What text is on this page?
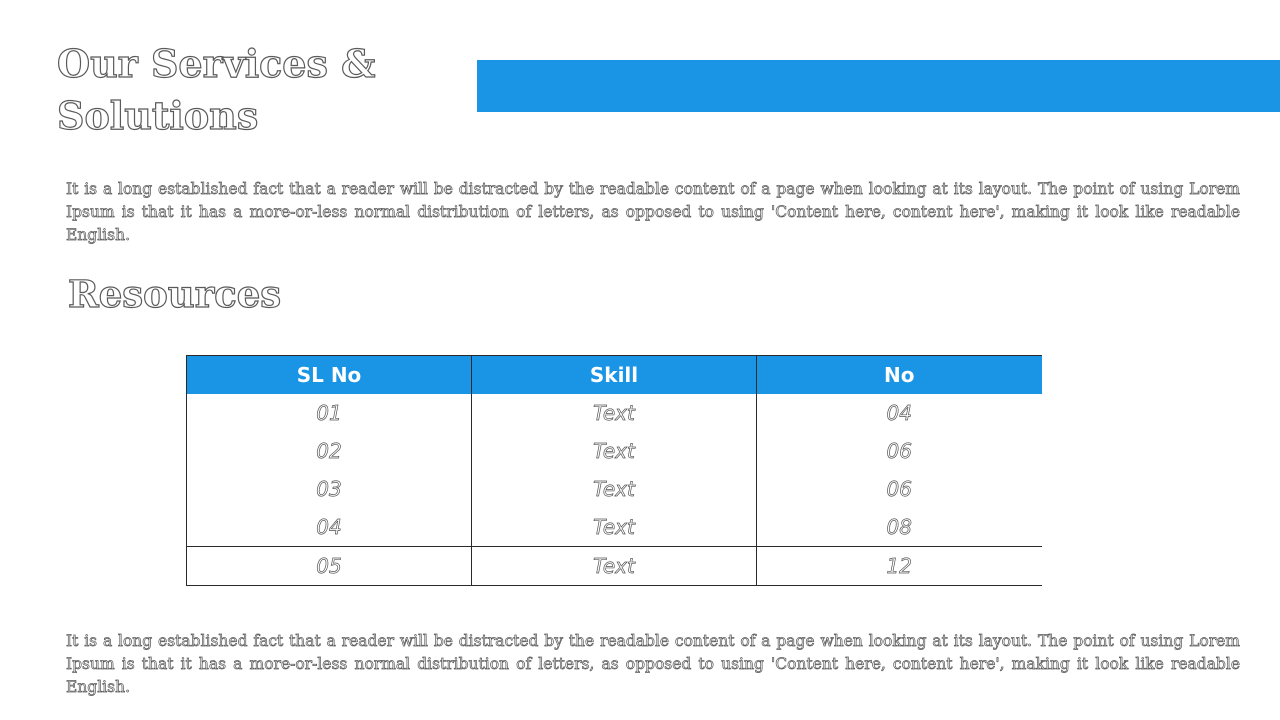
Our Services & Solutions

It is a long established fact that a reader will be distracted by the readable content of a page when looking at its layout. The point of using Lorem Ipsum is that it has a more-or-less normal distribution of letters, as opposed to using 'Content here, content here', making it look like readable English.

Resources
SL No	Skill	No
01	Text	04
02	Text	06
03	Text	06
04	Text	08
05	Text	12

It is a long established fact that a reader will be distracted by the readable content of a page when looking at its layout. The point of using Lorem Ipsum is that it has a more-or-less normal distribution of letters, as opposed to using 'Content here, content here', making it look like readable English.
